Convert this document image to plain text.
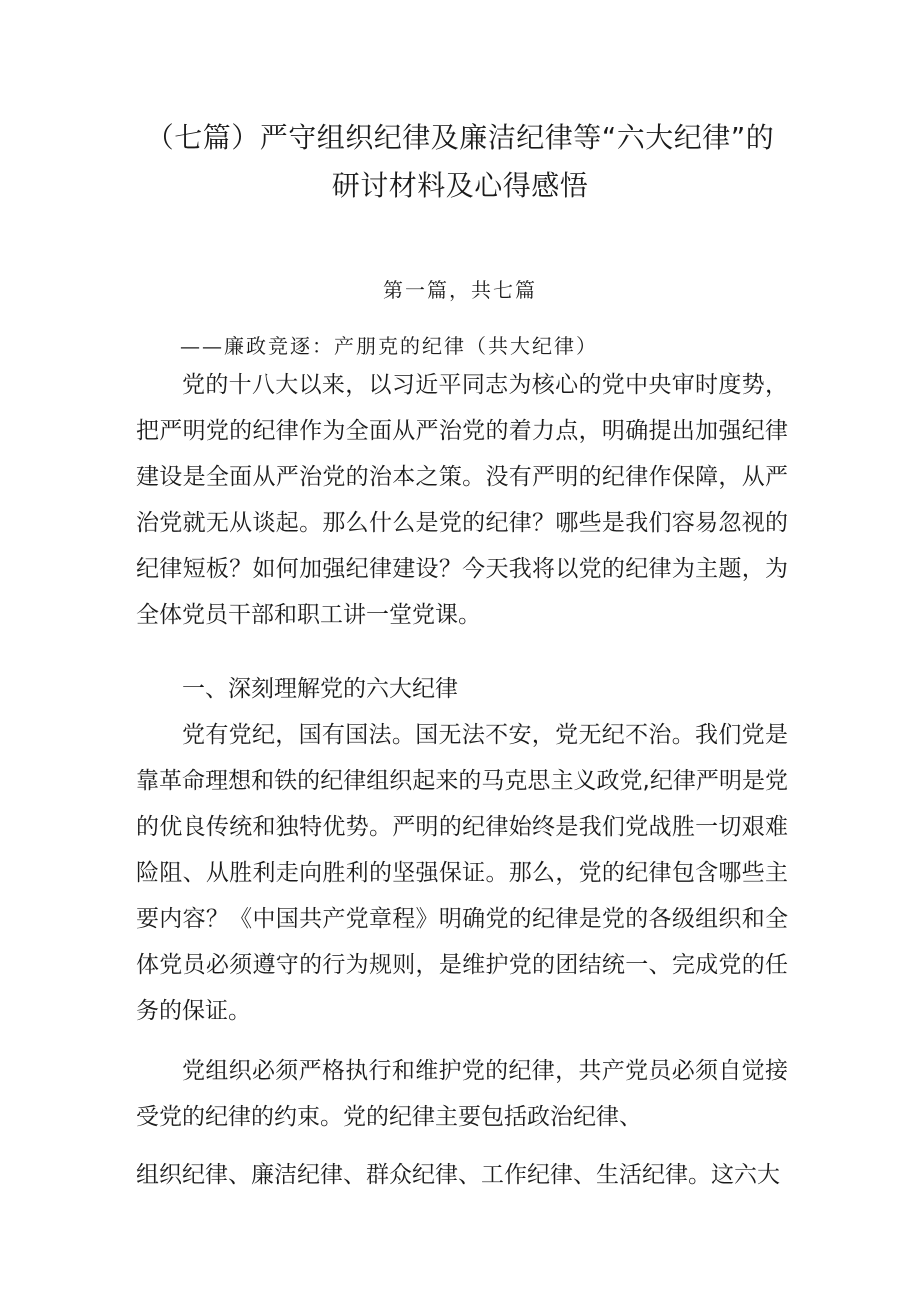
（七篇）严守组织纪律及廉洁纪律等“六大纪律”的
研讨材料及心得感悟
第一篇，共七篇
——廉政竞逐：产朋克的纪律（共大纪律）
党的十八大以来，以习近平同志为核心的党中央审时度势，把严明党的纪律作为全面从严治党的着力点，明确提出加强纪律建设是全面从严治党的治本之策。没有严明的纪律作保障，从严治党就无从谈起。那么什么是党的纪律？哪些是我们容易忽视的纪律短板？如何加强纪律建设？今天我将以党的纪律为主题，为全体党员干部和职工讲一堂党课。
一、深刻理解党的六大纪律
党有党纪，国有国法。国无法不安，党无纪不治。我们党是靠革命理想和铁的纪律组织起来的马克思主义政党,纪律严明是党的优良传统和独特优势。严明的纪律始终是我们党战胜一切艰难险阻、从胜利走向胜利的坚强保证。那么，党的纪律包含哪些主要内容？《中国共产党章程》明确党的纪律是党的各级组织和全体党员必须遵守的行为规则，是维护党的团结统一、完成党的任务的保证。
党组织必须严格执行和维护党的纪律，共产党员必须自觉接受党的纪律的约束。党的纪律主要包括政治纪律、
组织纪律、廉洁纪律、群众纪律、工作纪律、生活纪律。这六大
